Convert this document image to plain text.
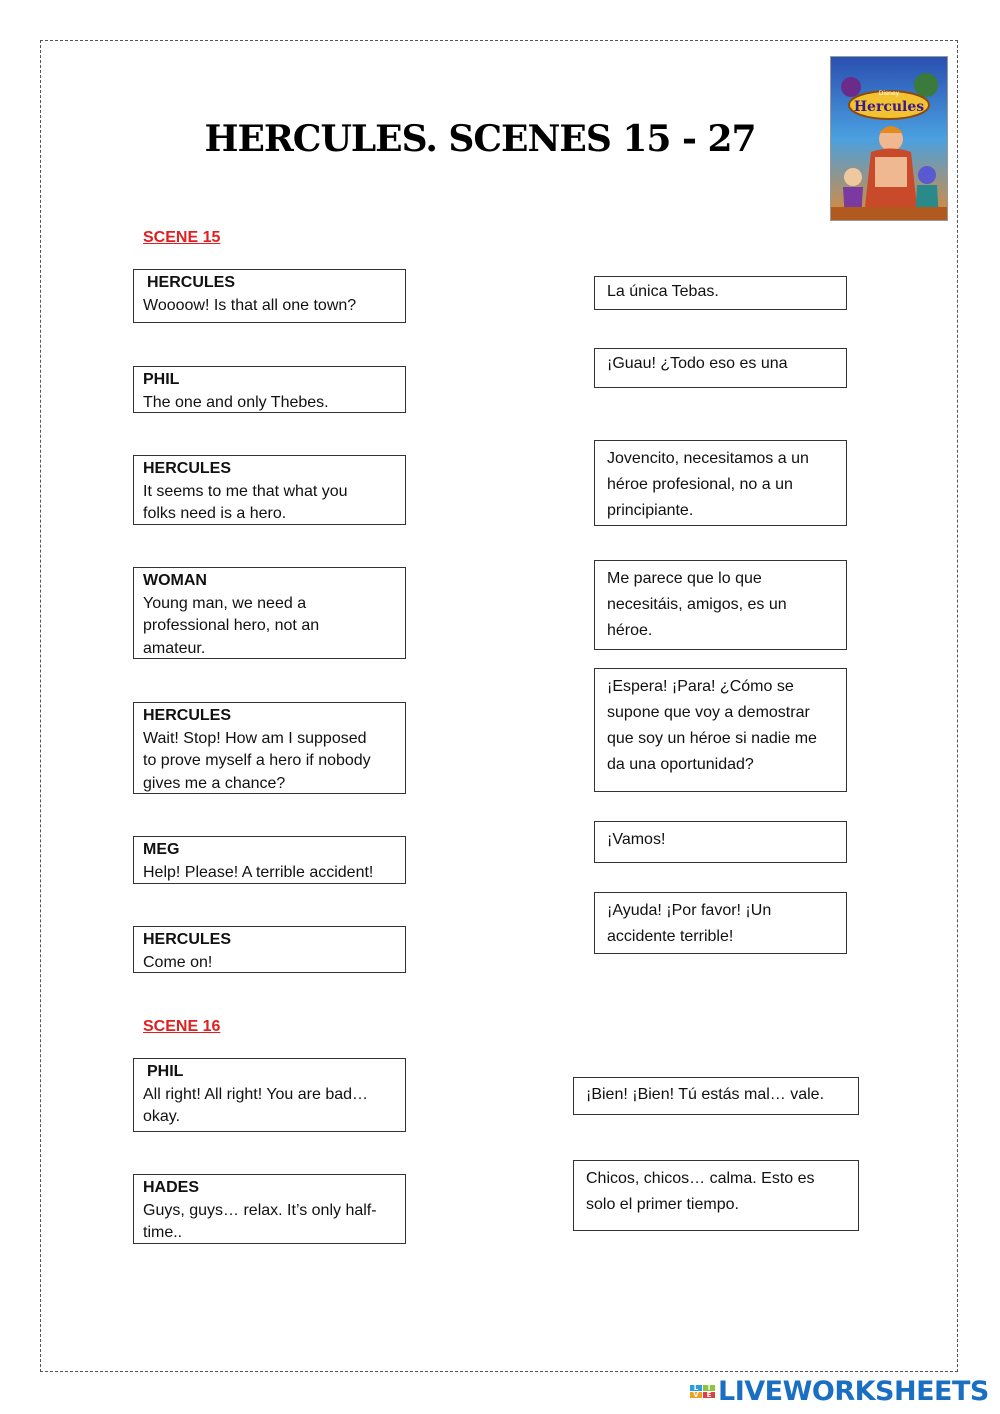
HERCULES. SCENES 15 - 27
Hercules
Disney
SCENE 15
HERCULES
Woooow! Is that all one town?
PHIL
The one and only Thebes.
HERCULES
It seems to me that what you
folks need is a hero.
WOMAN
Young man, we need a
professional hero, not an
amateur.
HERCULES
Wait! Stop! How am I supposed
to prove myself a hero if nobody
gives me a chance?
MEG
Help! Please! A terrible accident!
HERCULES
Come on!
La única Tebas.
¡Guau! ¿Todo eso es una
Jovencito, necesitamos a un
héroe profesional, no a un
principiante.
Me parece que lo que
necesitáis, amigos, es un
héroe.
¡Espera! ¡Para! ¿Cómo se
supone que voy a demostrar
que soy un héroe si nadie me
da una oportunidad?
¡Vamos!
¡Ayuda! ¡Por favor! ¡Un
accidente terrible!
SCENE 16
PHIL
All right! All right! You are bad…
okay.
HADES
Guys, guys… relax. It’s only half-
time..
¡Bien! ¡Bien! Tú estás mal… vale.
Chicos, chicos… calma. Esto es
solo el primer tiempo.
L	I
V	E LIVEWORKSHEETS
